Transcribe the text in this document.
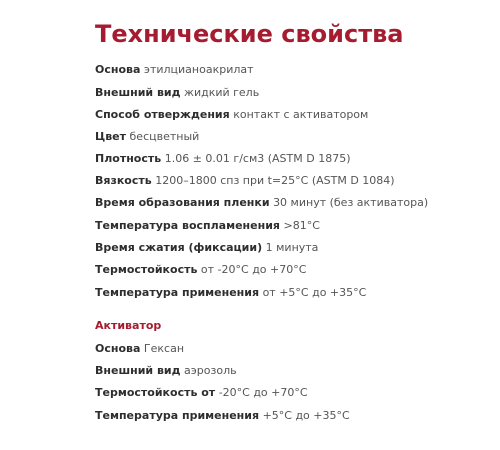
Технические свойства
Основа этилцианоакрилат
Внешний вид жидкий гель
Способ отверждения контакт с активатором
Цвет бесцветный
Плотность 1.06 ± 0.01 г/см3 (ASTM D 1875)
Вязкость 1200–1800 спз при t=25°C (ASTM D 1084)
Время образования пленки 30 минут (без активатора)
Температура воспламенения >81°C
Время сжатия (фиксации) 1 минута
Термостойкость от -20°C до +70°C
Температура применения от +5°C до +35°C
Активатор
Основа Гексан
Внешний вид аэрозоль
Термостойкость от -20°C до +70°C
Температура применения +5°C до +35°C
